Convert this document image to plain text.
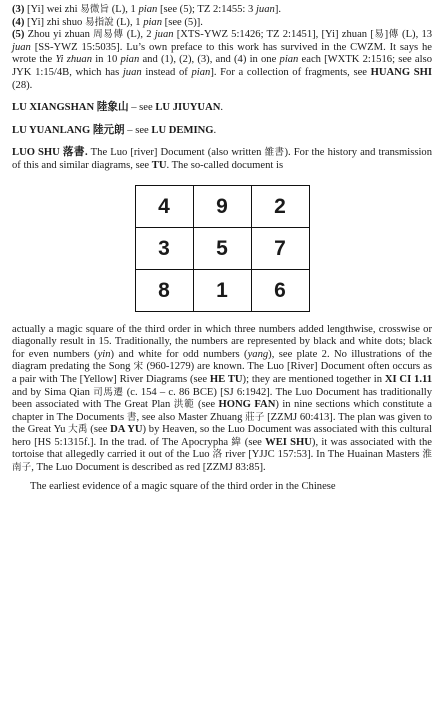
(3) [Yi] wei zhi 易微旨 (L), 1 pian [see (5); TZ 2:1455: 3 juan].

(4) [Yi] zhi shuo 易指說 (L), 1 pian [see (5)].

(5) Zhou yi zhuan 周易傳 (L), 2 juan [XTS-YWZ 5:1426; TZ 2:1451], [Yi] zhuan [易]傳 (L), 13 juan [SS-YWZ 15:5035]. Lu’s own preface to this work has survived in the CWZM. It says he wrote the Yi zhuan in 10 pian and (1), (2), (3), and (4) in one pian each [WXTK 2:1516; see also JYK 1:15/4B, which has juan instead of pian]. For a collection of fragments, see HUANG SHI (28).

LU XIANGSHAN 陸象山 – see LU JIUYUAN.

LU YUANLANG 陸元朗 – see LU DEMING.

LUO SHU 落書. The Luo [river] Document (also written 雒書). For the history and transmission of this and similar diagrams, see TU. The so-called document is

4	9	2
3	5	7
8	1	6

actually a magic square of the third order in which three numbers added lengthwise, crosswise or diagonally result in 15. Traditionally, the numbers are represented by black and white dots; black for even numbers (yin) and white for odd numbers (yang), see plate 2. No illustrations of the diagram predating the Song 宋 (960-1279) are known. The Luo [River] Document often occurs as a pair with The [Yellow] River Diagrams (see HE TU); they are mentioned together in XI CI 1.11 and by Sima Qian 司馬遷 (c. 154 – c. 86 BCE) [SJ 6:1942]. The Luo Document has traditionally been associated with The Great Plan 洪範 (see HONG FAN) in nine sections which constitute a chapter in The Documents 書, see also Master Zhuang 莊子 [ZZMJ 60:413]. The plan was given to the Great Yu 大禹 (see DA YU) by Heaven, so the Luo Document was associated with this cultural hero [HS 5:1315f.]. In the trad. of The Apocrypha 緯 (see WEI SHU), it was associated with the tortoise that allegedly carried it out of the Luo 洛 river [YJJC 157:53]. In The Huainan Masters 淮南子, The Luo Document is described as red [ZZMJ 83:85].

The earliest evidence of a magic square of the third order in the Chinese
